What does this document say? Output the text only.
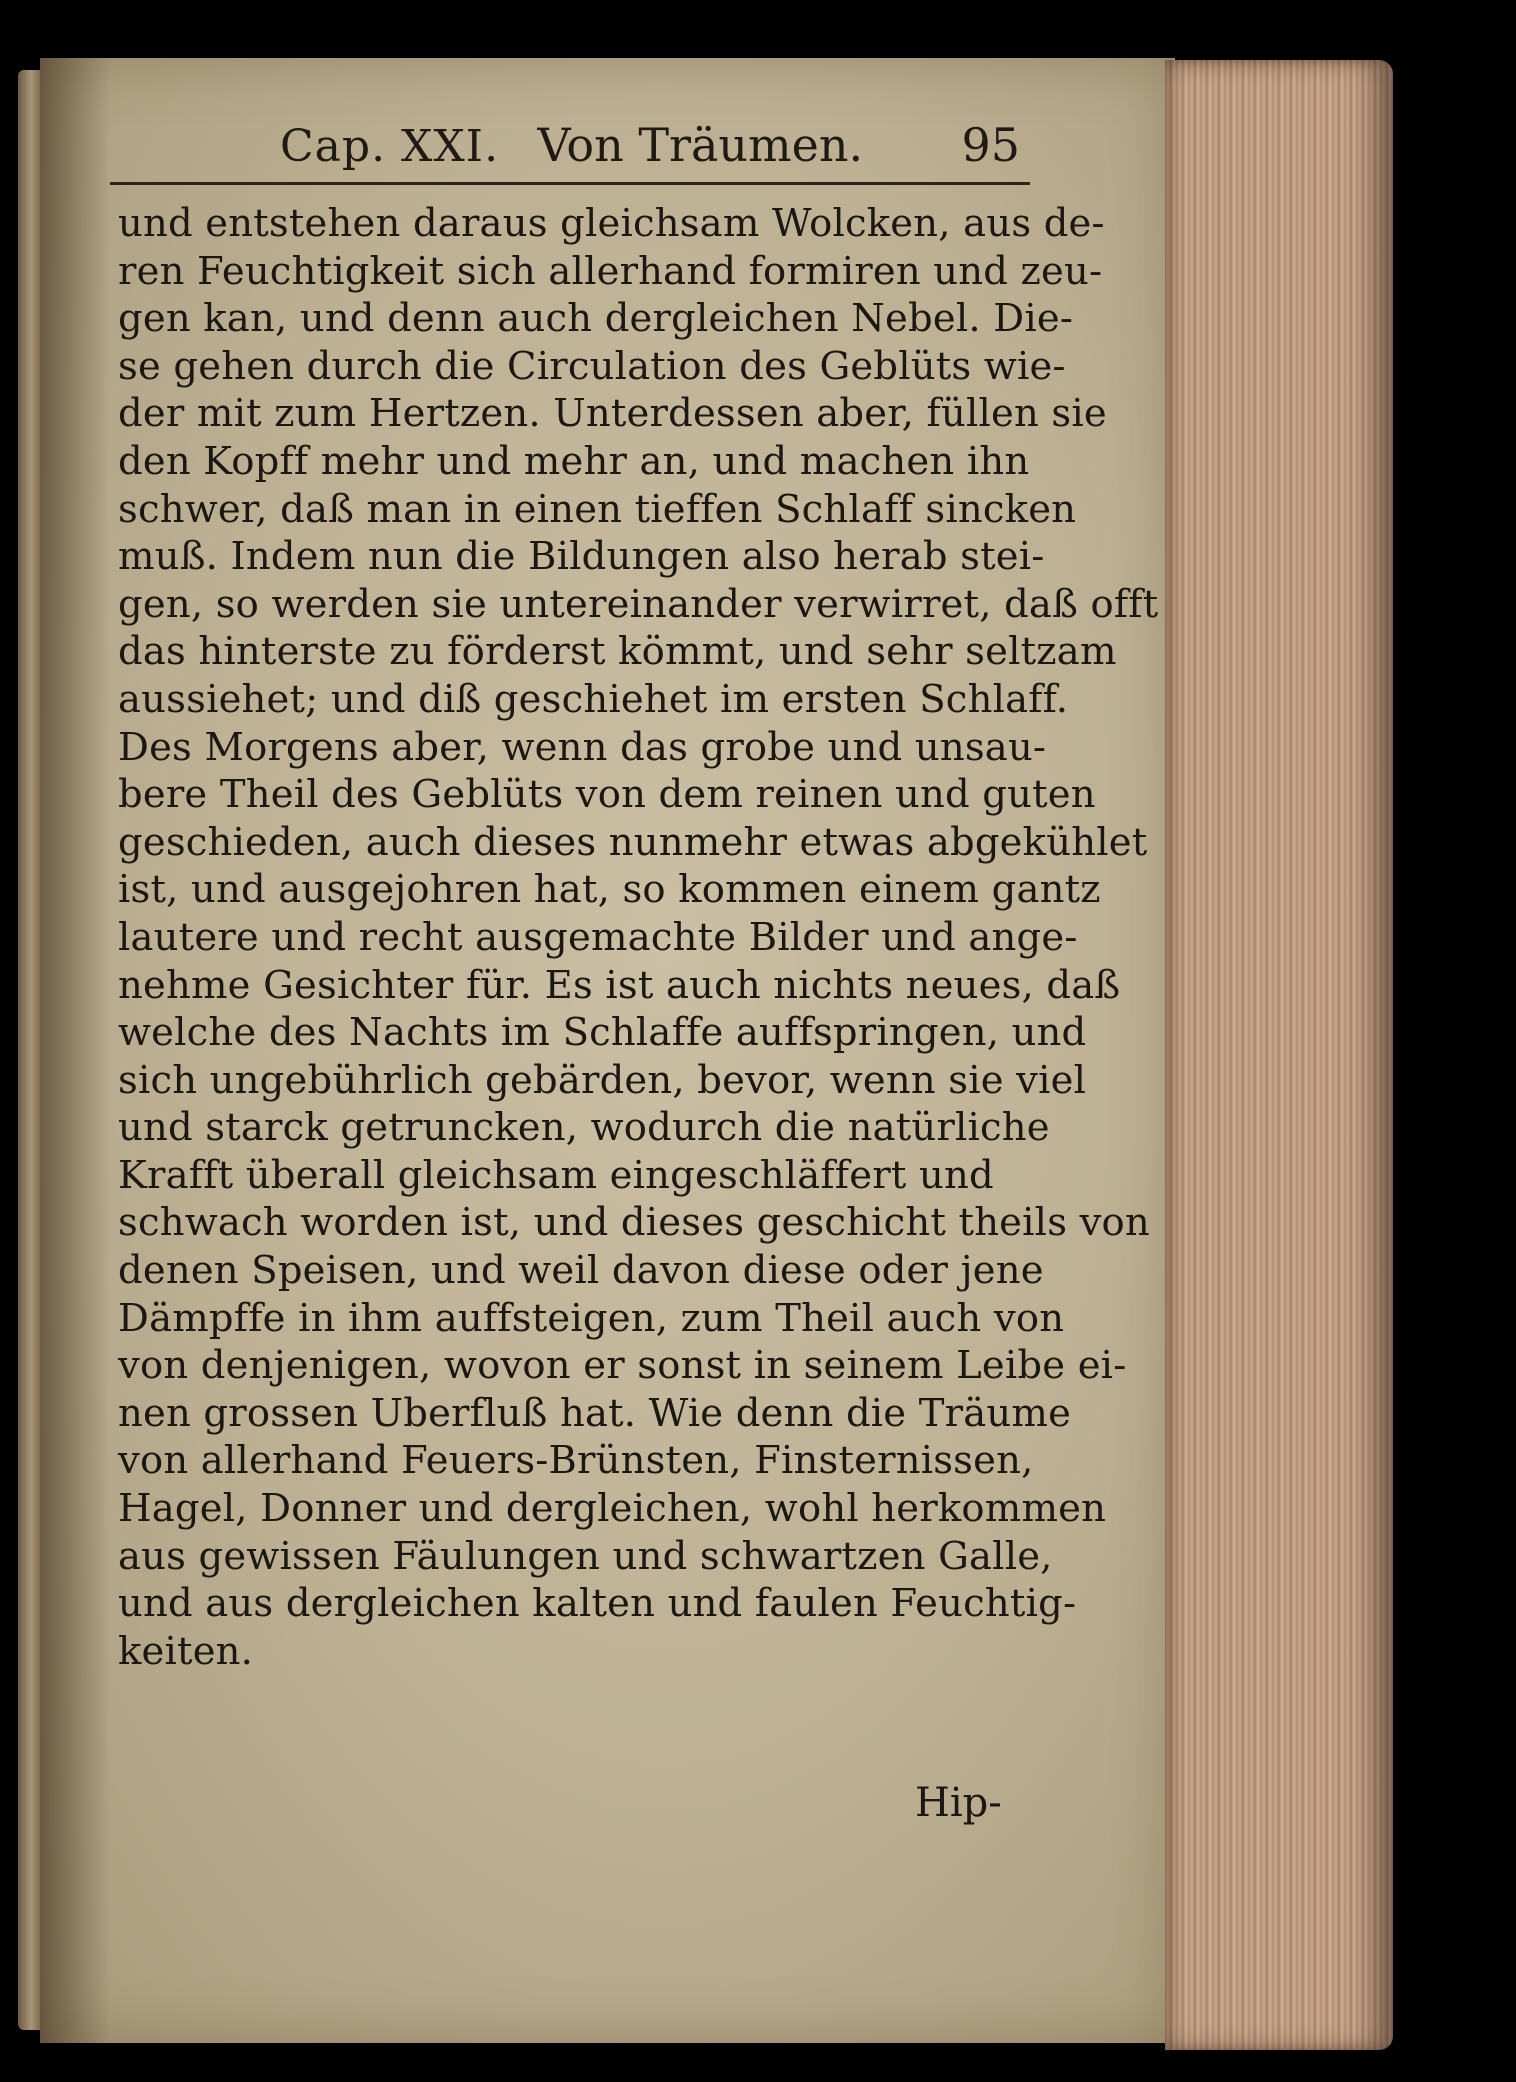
Cap. XXI. Von Träumen.	95
und entstehen daraus gleichsam Wolcken, aus de-
ren Feuchtigkeit sich allerhand formiren und zeu-
gen kan, und denn auch dergleichen Nebel. Die-
se gehen durch die Circulation des Geblüts wie-
der mit zum Hertzen. Unterdessen aber, füllen sie
den Kopff mehr und mehr an, und machen ihn
schwer, daß man in einen tieffen Schlaff sincken
muß. Indem nun die Bildungen also herab stei-
gen, so werden sie untereinander verwirret, daß offt
das hinterste zu förderst kömmt, und sehr seltzam
aussiehet; und diß geschiehet im ersten Schlaff.
Des Morgens aber, wenn das grobe und unsau-
bere Theil des Geblüts von dem reinen und guten
geschieden, auch dieses nunmehr etwas abgekühlet
ist, und ausgejohren hat, so kommen einem gantz
lautere und recht ausgemachte Bilder und ange-
nehme Gesichter für. Es ist auch nichts neues, daß
welche des Nachts im Schlaffe auffspringen, und
sich ungebührlich gebärden, bevor, wenn sie viel
und starck getruncken, wodurch die natürliche
Krafft überall gleichsam eingeschläffert und
schwach worden ist, und dieses geschicht theils von
denen Speisen, und weil davon diese oder jene
Dämpffe in ihm auffsteigen, zum Theil auch von
von denjenigen, wovon er sonst in seinem Leibe ei-
nen grossen Uberfluß hat. Wie denn die Träume
von allerhand Feuers-Brünsten, Finsternissen,
Hagel, Donner und dergleichen, wohl herkommen
aus gewissen Fäulungen und schwartzen Galle,
und aus dergleichen kalten und faulen Feuchtig-
keiten.
Hip-
